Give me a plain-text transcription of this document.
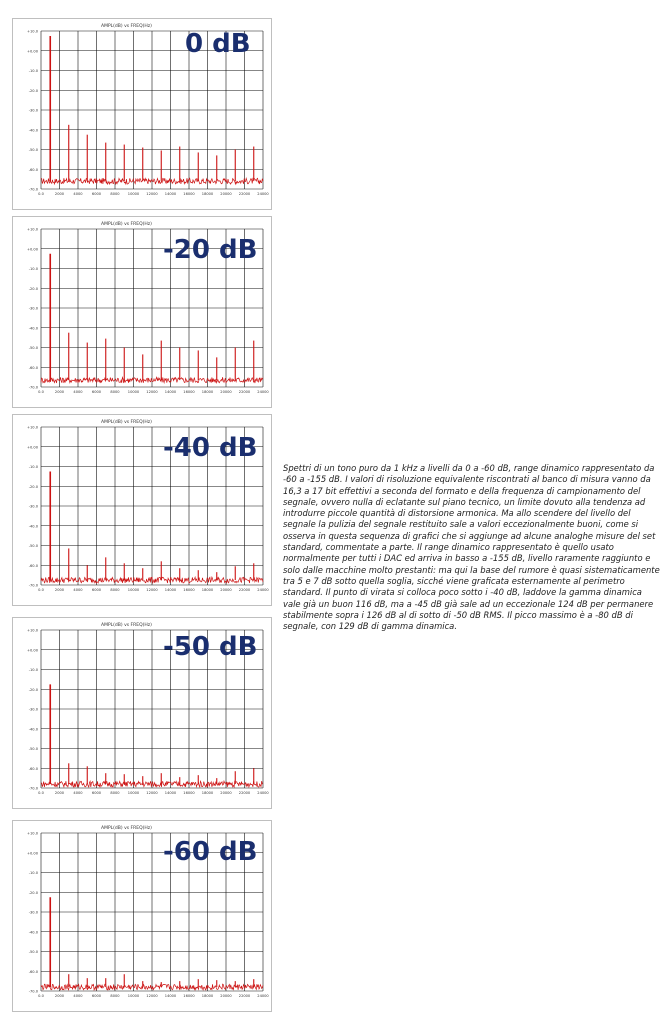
AMPL(dB) vs FREQ(Hz)
0.0	2000	4000	6000	8000 10000 12000 14000 16000 18000 20000 22000 24000
+10.0
+0.00
-10.0
-20.0
-30.0
-40.0
-50.0
-60.0
-70.0
0 dB
AMPL(dB) vs FREQ(Hz)
0.0	2000	4000	6000	8000 10000 12000 14000 16000 18000 20000 22000 24000
+10.0
+0.00
-10.0
-20.0
-30.0
-40.0
-50.0
-60.0
-70.0
-20 dB
AMPL(dB) vs FREQ(Hz)
0.0	2000	4000	6000	8000 10000 12000 14000 16000 18000 20000 22000 24000
+10.0
+0.00
-10.0
-20.0
-30.0
-40.0
-50.0
-60.0
-70.0
-40 dB
AMPL(dB) vs FREQ(Hz)
0.0	2000	4000	6000	8000 10000 12000 14000 16000 18000 20000 22000 24000
+10.0
+0.00
-10.0
-20.0
-30.0
-40.0
-50.0
-60.0
-70.0
-50 dB
AMPL(dB) vs FREQ(Hz)
0.0	2000	4000	6000	8000 10000 12000 14000 16000 18000 20000 22000 24000
+10.0
+0.00
-10.0
-20.0
-30.0
-40.0
-50.0
-60.0
-70.0
-60 dB
Spettri di un tono puro da 1 kHz a livelli da 0 a -60 dB, range dinamico rappresentato da -60 a -155 dB. I valori di risoluzione equivalente riscontrati al banco di misura vanno da 16,3 a 17 bit effettivi a seconda del formato e della frequenza di campionamento del segnale, ovvero nulla di eclatante sul piano tecnico, un limite dovuto alla tendenza ad introdurre piccole quantità di distorsione armonica. Ma allo scendere del livello del segnale la pulizia del segnale restituito sale a valori eccezionalmente buoni, come si osserva in questa sequenza di grafici che si aggiunge ad alcune analoghe misure del set standard, commentate a parte. Il range dinamico rappresentato è quello usato normalmente per tutti i DAC ed arriva in basso a -155 dB, livello raramente raggiunto e solo dalle macchine molto prestanti: ma qui la base del rumore è quasi sistematicamente tra 5 e 7 dB sotto quella soglia, sicché viene graficata esternamente al perimetro standard. Il punto di virata si colloca poco sotto i -40 dB, laddove la gamma dinamica vale già un buon 116 dB, ma a -45 dB già sale ad un eccezionale 124 dB per permanere stabilmente sopra i 126 dB al di sotto di -50 dB RMS. Il picco massimo è a -80 dB di segnale, con 129 dB di gamma dinamica.
